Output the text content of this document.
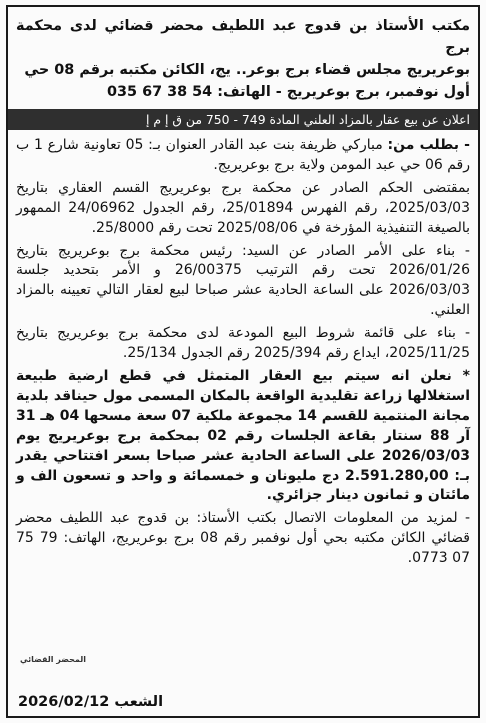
مكتب الأستاذ بن قدوج عبد اللطيف محضر قضائي لدى محكمة برج

بوعريريج مجلس قضاء برج بوعر.. يج، الكائن مكتبه برقم 08 حي

أول نوفمبر، برج بوعريريج - الهاتف: 54 38 67 035

اعلان عن بيع عقار بالمزاد العلني المادة 749 - 750 من ق إ م إ

- بطلب من: مباركي ظريفة بنت عبد القادر العنوان بـ: 05 تعاونية شارع 1 ب رقم 06 حي عبد المومن ولاية برج بوعريريج.

بمقتضى الحكم الصادر عن محكمة برج بوعريريج القسم العقاري بتاريخ 2025/03/03، رقم الفهرس 25/01894، رقم الجدول 24/06962 الممهور بالصيغة التنفيذية المؤرخة في 2025/08/06 تحت رقم 25/8000.

- بناء على الأمر الصادر عن السيد: رئيس محكمة برج بوعريريج بتاريخ 2026/01/26 تحت رقم الترتيب 26/00375 و الأمر بتحديد جلسة 2026/03/03 على الساعة الحادية عشر صباحا لبيع لعقار التالي تعيينه بالمزاد العلني.

- بناء على قائمة شروط البيع المودعة لدى محكمة برج بوعريريج بتاريخ 2025/11/25، ايداع رقم 2025/394 رقم الجدول 25/134.

* نعلن انه سيتم بيع العقار المتمثل في قطع ارضية طبيعة استغلالها زراعة تقليدية الواقعة بالمكان المسمى مول حيناقد بلدية مجانة المنتمية للقسم 14 مجموعة ملكية 07 سعة مسحها 04 هـ 31 آر 88 سنتار بقاعة الجلسات رقم 02 بمحكمة برج بوعريريج يوم 2026/03/03 على الساعة الحادية عشر صباحا بسعر افتتاحي يقدر بـ: 2.591.280,00 دج مليونان و خمسمائة و واحد و تسعون الف و مائتان و ثمانون دينار جزائري.

- لمزيد من المعلومات الاتصال بكتب الأستاذ: بن قدوج عبد اللطيف محضر قضائي الكائن مكتبه بحي أول نوفمبر رقم 08 برج بوعريريج، الهاتف: 79 75 07 0773.

المحضر القضائي
الشعب 2026/02/12
